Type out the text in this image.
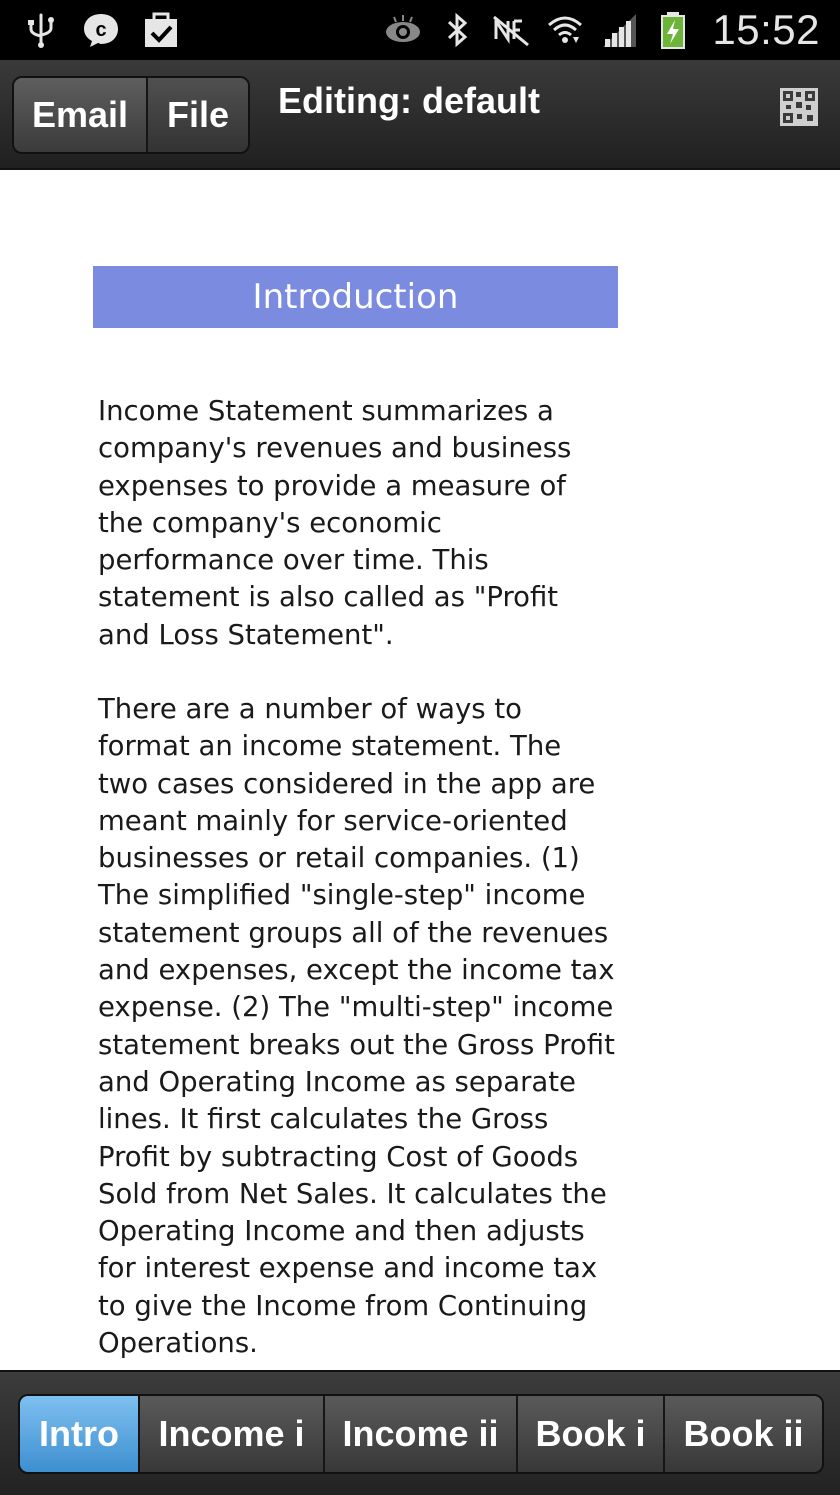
c	15:52
Email	File	Editing: default
Introduction
Income Statement summarizes a company's revenues and business expenses to provide a measure of the company's economic performance over time. This statement is also called as "Profit and Loss Statement".
There are a number of ways to format an income statement. The two cases considered in the app are meant mainly for service-oriented businesses or retail companies. (1) The simplified "single-step" income statement groups all of the revenues and expenses, except the income tax expense. (2) The "multi-step" income statement breaks out the Gross Profit and Operating Income as separate lines. It first calculates the Gross Profit by subtracting Cost of Goods Sold from Net Sales. It calculates the Operating Income and then adjusts for interest expense and income tax to give the Income from Continuing Operations.
Intro	Income i	Income ii	Book i	Book ii
